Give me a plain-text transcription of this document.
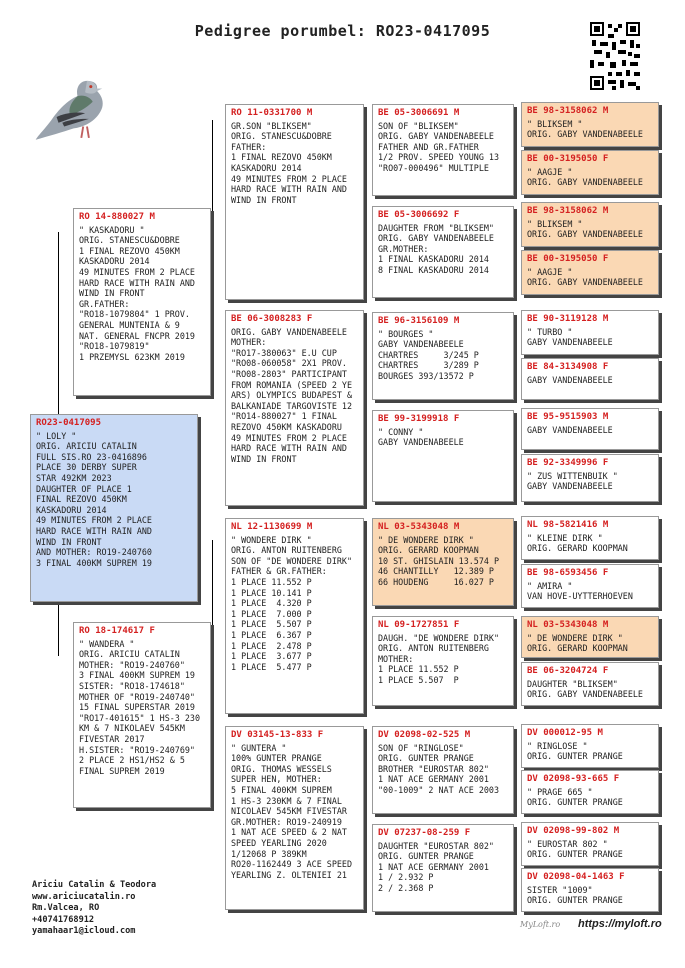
Pedigree porumbel: RO23-0417095
RO23-0417095
" LOLY "
ORIG. ARICIU CATALIN
FULL SIS.RO 23-0416896
PLACE 30 DERBY SUPER
STAR 492KM 2023
DAUGHTER OF PLACE 1
FINAL REZOVO 450KM
KASKADORU 2014
49 MINUTES FROM 2 PLACE
HARD RACE WITH RAIN AND
WIND IN FRONT
AND MOTHER: RO19-240760
3 FINAL 400KM SUPREM 19
RO 14-880027 M
" KASKADORU "
ORIG. STANESCU&DOBRE
1 FINAL REZOVO 450KM
KASKADORU 2014
49 MINUTES FROM 2 PLACE
HARD RACE WITH RAIN AND
WIND IN FRONT
GR.FATHER:
"RO18-1079804" 1 PROV.
GENERAL MUNTENIA & 9
NAT. GENERAL FNCPR 2019
"RO18-1079819"
1 PRZEMYSL 623KM 2019
RO 18-174617 F
" WANDERA "
ORIG. ARICIU CATALIN
MOTHER: "RO19-240760"
3 FINAL 400KM SUPREM 19
SISTER: "RO18-174618"
MOTHER OF "RO19-240740"
15 FINAL SUPERSTAR 2019
"RO17-401615" 1 HS-3 230
KM & 7 NIKOLAEV 545KM
FIVESTAR 2017
H.SISTER: "RO19-240769"
2 PLACE 2 HS1/HS2 & 5
FINAL SUPREM 2019
RO 11-0331700 M
GR.SON "BLIKSEM"
ORIG. STANESCU&DOBRE
FATHER:
1 FINAL REZOVO 450KM
KASKADORU 2014
49 MINUTES FROM 2 PLACE
HARD RACE WITH RAIN AND
WIND IN FRONT
BE 06-3008283 F
ORIG. GABY VANDENABEELE
MOTHER:
"RO17-380063" E.U CUP
"RO08-060058" 2X1 PROV.
"RO08-2803" PARTICIPANT
FROM ROMANIA (SPEED 2 YE
ARS) OLYMPICS BUDAPEST &
BALKANIADE TARGOVISTE 12
"RO14-880027" 1 FINAL
REZOVO 450KM KASKADORU
49 MINUTES FROM 2 PLACE
HARD RACE WITH RAIN AND
WIND IN FRONT
NL 12-1130699 M
" WONDERE DIRK "
ORIG. ANTON RUITENBERG
SON OF "DE WONDERE DIRK"
FATHER & GR.FATHER:
1 PLACE 11.552 P
1 PLACE 10.141 P
1 PLACE  4.320 P
1 PLACE  7.000 P
1 PLACE  5.507 P
1 PLACE  6.367 P
1 PLACE  2.478 P
1 PLACE  3.677 P
1 PLACE  5.477 P
DV 03145-13-833 F
" GUNTERA "
100% GUNTER PRANGE
ORIG. THOMAS WESSELS
SUPER HEN, MOTHER:
5 FINAL 400KM SUPREM
1 HS-3 230KM & 7 FINAL
NICOLAEV 545KM FIVESTAR
GR.MOTHER: RO19-240919
1 NAT ACE SPEED & 2 NAT
SPEED YEARLING 2020
1/12068 P 389KM
RO20-1162449 3 ACE SPEED
YEARLING Z. OLTENIEI 21
BE 05-3006691 M
SON OF "BLIKSEM"
ORIG. GABY VANDENABEELE
FATHER AND GR.FATHER
1/2 PROV. SPEED YOUNG 13
"RO07-000496" MULTIPLE
BE 05-3006692 F
DAUGHTER FROM "BLIKSEM"
ORIG. GABY VANDENABEELE
GR.MOTHER:
1 FINAL KASKADORU 2014
8 FINAL KASKADORU 2014
BE 96-3156109 M
" BOURGES "
GABY VANDENABEELE
CHARTRES     3/245 P
CHARTRES     3/289 P
BOURGES 393/13572 P
BE 99-3199918 F
" CONNY "
GABY VANDENABEELE
NL 03-5343048 M
" DE WONDERE DIRK "
ORIG. GERARD KOOPMAN
10 ST. GHISLAIN 13.574 P
46 CHANTILLY   12.389 P
66 HOUDENG     16.027 P
NL 09-1727851 F
DAUGH. "DE WONDERE DIRK"
ORIG. ANTON RUITENBERG
MOTHER:
1 PLACE 11.552 P
1 PLACE 5.507  P
DV 02098-02-525 M
SON OF "RINGLOSE"
ORIG. GUNTER PRANGE
BROTHER "EUROSTAR 802"
1 NAT ACE GERMANY 2001
"00-1009" 2 NAT ACE 2003
DV 07237-08-259 F
DAUGHTER "EUROSTAR 802"
ORIG. GUNTER PRANGE
1 NAT ACE GERMANY 2001
1 / 2.932 P
2 / 2.368 P
BE 98-3158062 M
" BLIKSEM "
ORIG. GABY VANDENABEELE
BE 00-3195050 F
" AAGJE "
ORIG. GABY VANDENABEELE
BE 98-3158062 M
" BLIKSEM "
ORIG. GABY VANDENABEELE
BE 00-3195050 F
" AAGJE "
ORIG. GABY VANDENABEELE
BE 90-3119128 M
" TURBO "
GABY VANDENABEELE
BE 84-3134908 F
GABY VANDENABEELE
BE 95-9515903 M
GABY VANDENABEELE
BE 92-3349996 F
" ZUS WITTENBUIK "
GABY VANDENABEELE
NL 98-5821416 M
" KLEINE DIRK "
ORIG. GERARD KOOPMAN
BE 98-6593456 F
" AMIRA "
VAN HOVE-UYTTERHOEVEN
NL 03-5343048 M
" DE WONDERE DIRK "
ORIG. GERARD KOOPMAN
BE 06-3204724 F
DAUGHTER "BLIKSEM"
ORIG. GABY VANDENABEELE
DV 000012-95 M
" RINGLOSE "
ORIG. GUNTER PRANGE
DV 02098-93-665 F
" PRAGE 665 "
ORIG. GUNTER PRANGE
DV 02098-99-802 M
" EUROSTAR 802 "
ORIG. GUNTER PRANGE
DV 02098-04-1463 F
SISTER "1009"
ORIG. GUNTER PRANGE
Ariciu Catalin & Teodora
www.ariciucatalin.ro
Rm.Valcea, RO
+40741768912
yamahaar1@icloud.com
MyLoft.ro https://myloft.ro
